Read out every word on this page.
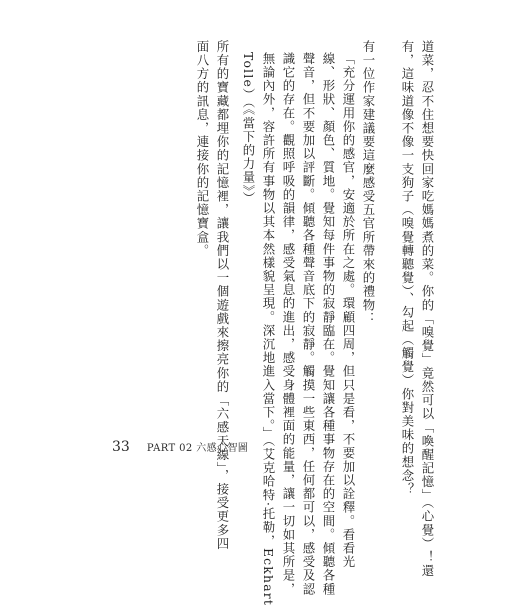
道菜，忍不住想要快回家吃媽媽煮的菜。你的「嗅覺」竟然可以「喚醒記憶」（心覺）！還
有，這味道像不像一支狗子（嗅覺轉聽覺）、勾起（觸覺）你對美味的想念？
有一位作家建議要這麼感受五官所帶來的禮物：
「充分運用你的感官，安適於所在之處。環顧四周，但只是看，不要加以詮釋。看看光
線、形狀、顏色、質地。覺知每件事物的寂靜臨在。覺知讓各種事物存在的空間。傾聽各種
聲音，但不要加以評斷。傾聽各種聲音底下的寂靜。觸摸一些東西，任何都可以，感受及認
識它的存在。觀照呼吸的韻律，感受氣息的進出，感受身體裡面的能量，讓一切如其所是，
無論內外，容許所有事物以其本然樣貌呈現。深沉地進入當下。」（艾克哈特·托勒，Eckhart
Tolle）（《當下的力量》）
所有的寶藏都埋你的記憶裡，讓我們以一個遊戲來擦亮你的「六感天線」，接受更多四
面八方的訊息，連接你的記憶寶盒。
33 PART 02 六感心智圖
